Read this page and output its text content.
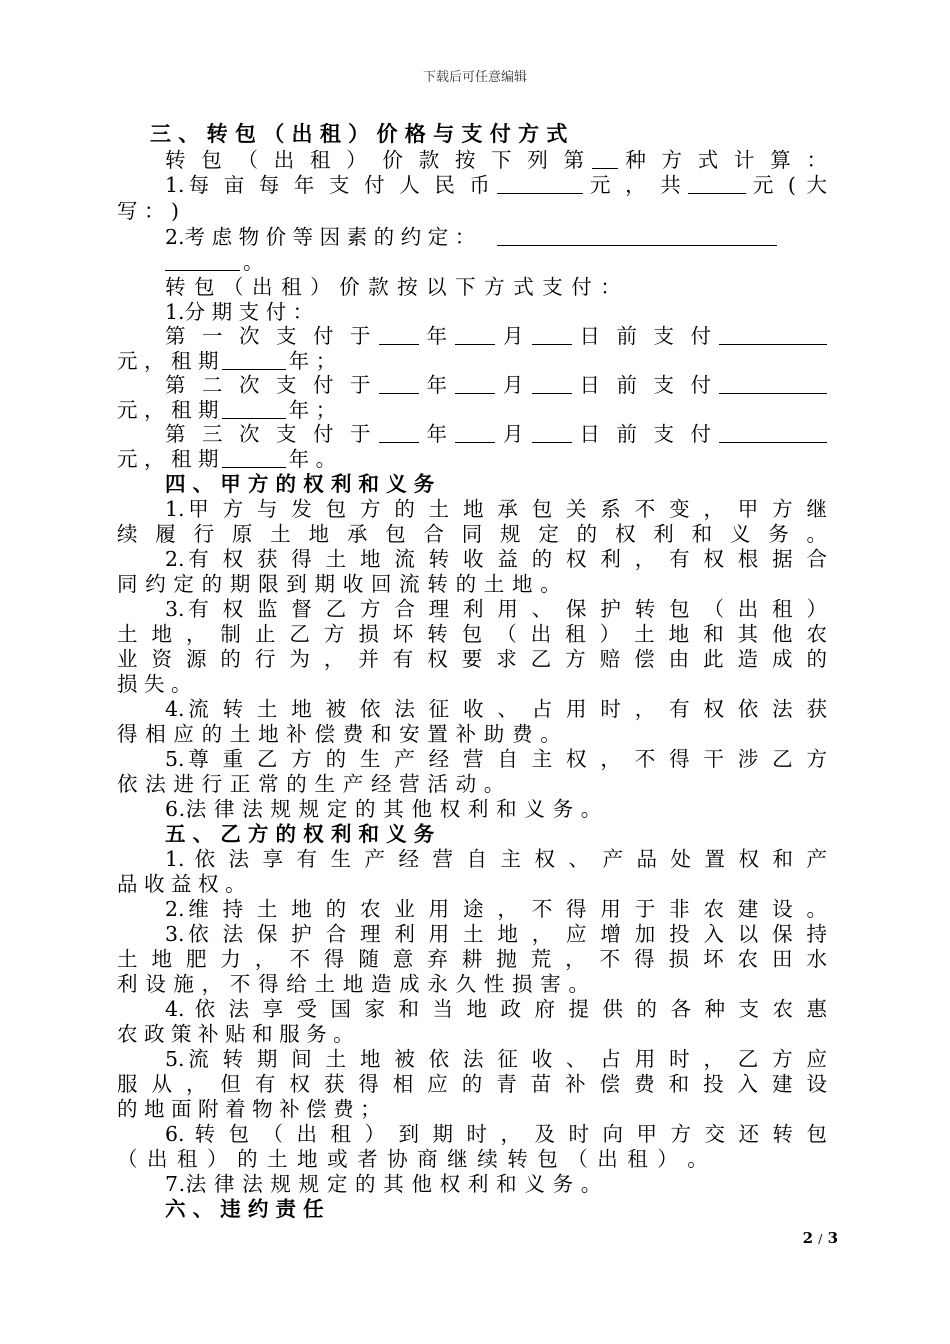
下载后可任意编辑
三 、 转 包 （ 出 租 ） 价 格 与 支 付 方 式
转 包 （ 出 租 ） 价 款 按 下 列 第 种 方 式 计 算 ：
1.每 亩 每 年 支 付 人 民 币	元 ， 共	元 ( 大
写 ： )
2.考 虑 物 价 等 因 素 的 约 定 ：
。
转 包 （ 出 租 ） 价 款 按 以 下 方 式 支 付 ：
1.分 期 支 付 ：
第 一 次 支 付 于 年 月 日 前 支 付
元 ， 租 期	年 ；
第 二 次 支 付 于 年 月 日 前 支 付
元 ， 租 期	年 ；
第 三 次 支 付 于 年 月 日 前 支 付
元 ， 租 期	年 。
四 、 甲 方 的 权 利 和 义 务
1.甲 方 与 发 包 方 的 土 地 承 包 关 系 不 变 ， 甲 方 继
续 履 行 原 土 地 承 包 合 同 规 定 的 权 利 和 义 务 。
2.有 权 获 得 土 地 流 转 收 益 的 权 利 ， 有 权 根 据 合
同 约 定 的 期 限 到 期 收 回 流 转 的 土 地 。
3.有 权 监 督 乙 方 合 理 利 用 、 保 护 转 包 （ 出 租 ）
土 地 ， 制 止 乙 方 损 坏 转 包 （ 出 租 ） 土 地 和 其 他 农
业 资 源 的 行 为 ， 并 有 权 要 求 乙 方 赔 偿 由 此 造 成 的
损 失 。
4.流 转 土 地 被 依 法 征 收 、 占 用 时 ， 有 权 依 法 获
得 相 应 的 土 地 补 偿 费 和 安 置 补 助 费 。
5.尊 重 乙 方 的 生 产 经 营 自 主 权 ， 不 得 干 涉 乙 方
依 法 进 行 正 常 的 生 产 经 营 活 动 。
6.法 律 法 规 规 定 的 其 他 权 利 和 义 务 。
五 、 乙 方 的 权 利 和 义 务
1. 依 法 享 有 生 产 经 营 自 主 权 、 产 品 处 置 权 和 产
品 收 益 权 。
2.维 持 土 地 的 农 业 用 途 ， 不 得 用 于 非 农 建 设 。
3.依 法 保 护 合 理 利 用 土 地 ， 应 增 加 投 入 以 保 持
土 地 肥 力 ， 不 得 随 意 弃 耕 抛 荒 ， 不 得 损 坏 农 田 水
利 设 施 ， 不 得 给 土 地 造 成 永 久 性 损 害 。
4. 依 法 享 受 国 家 和 当 地 政 府 提 供 的 各 种 支 农 惠
农 政 策 补 贴 和 服 务 。
5.流 转 期 间 土 地 被 依 法 征 收 、 占 用 时 ， 乙 方 应
服 从 ， 但 有 权 获 得 相 应 的 青 苗 补 偿 费 和 投 入 建 设
的 地 面 附 着 物 补 偿 费 ；
6. 转 包 （ 出 租 ） 到 期 时 ， 及 时 向 甲 方 交 还 转 包
（ 出 租 ） 的 土 地 或 者 协 商 继 续 转 包 （ 出 租 ） 。
7.法 律 法 规 规 定 的 其 他 权 利 和 义 务 。
六 、 违 约 责 任
2 / 3
